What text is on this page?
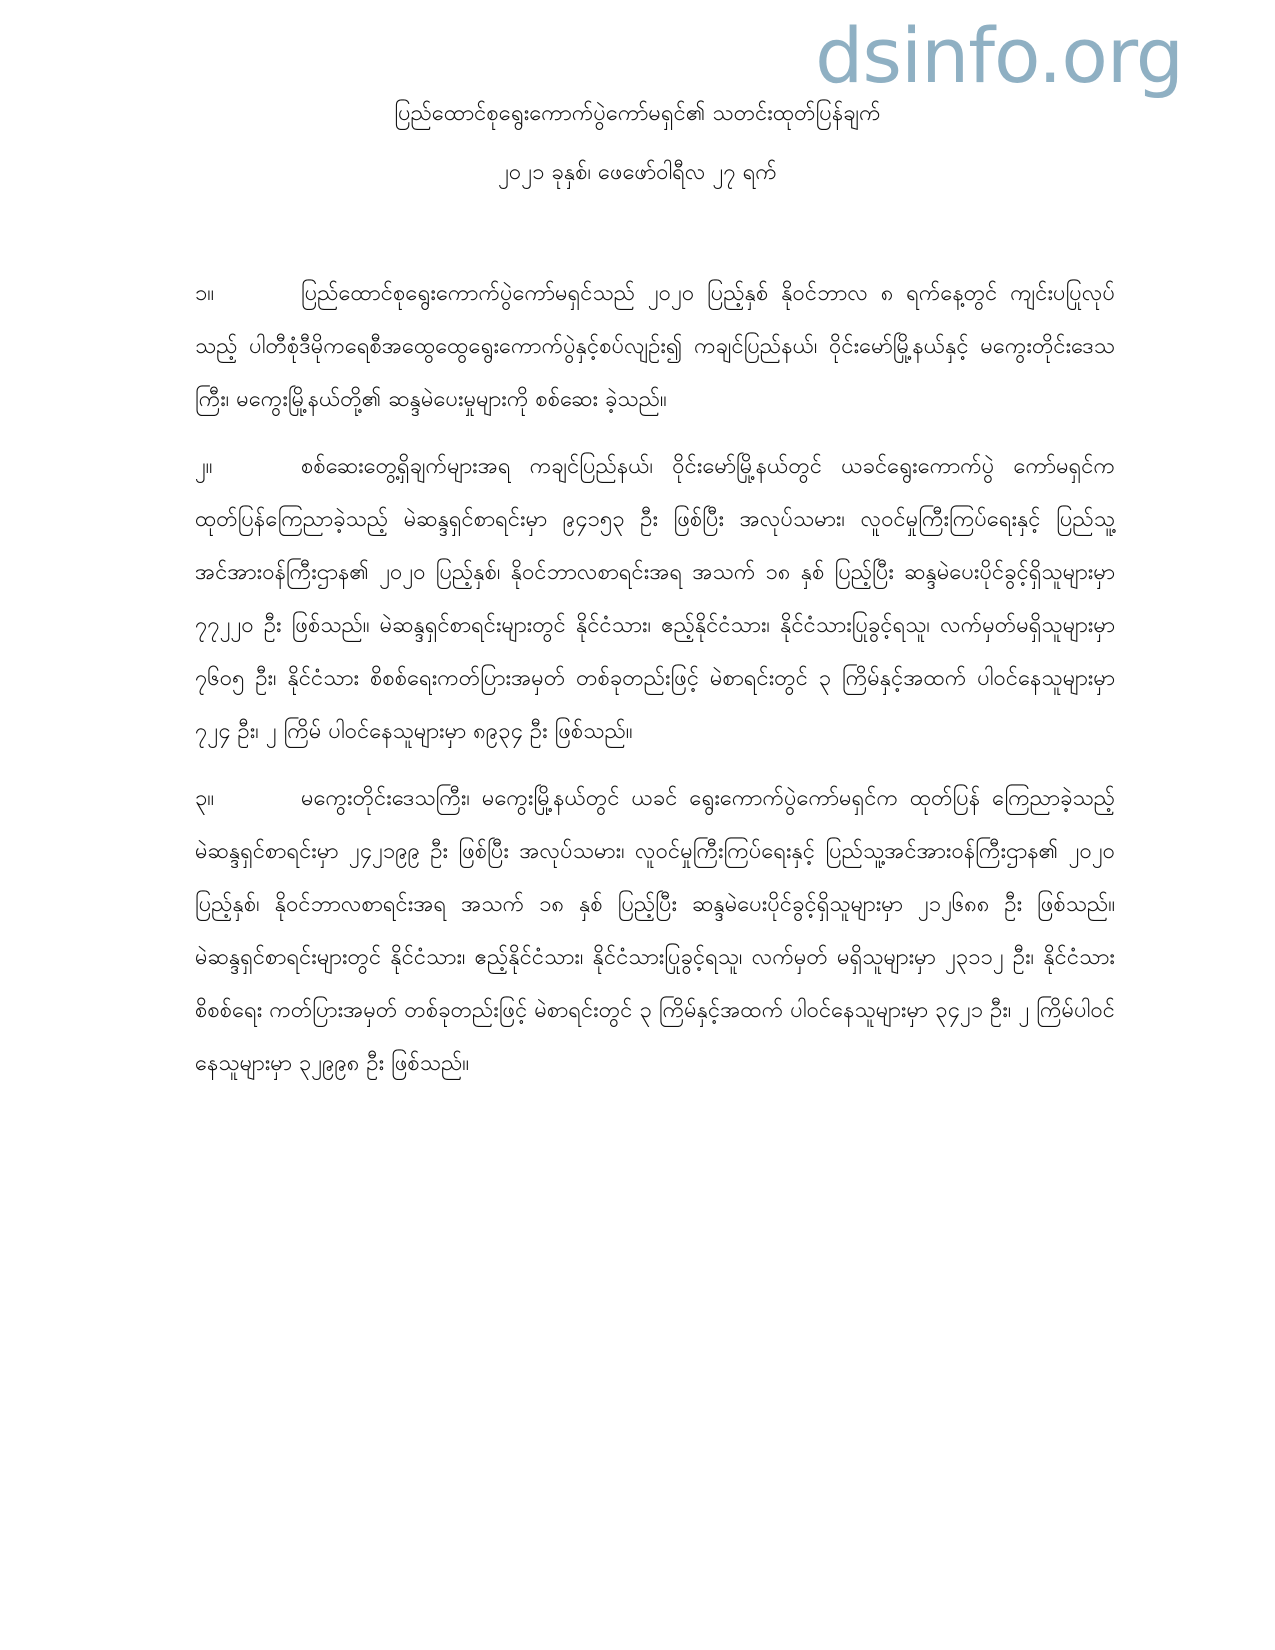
dsinfo.org
ပြည်ထောင်စုရွေးကောက်ပွဲကော်မရှင်၏ သတင်းထုတ်ပြန်ချက်
၂၀၂၁ ခုနှစ်၊ ဖေဖော်ဝါရီလ ၂၇ ရက်

၁။	ပြည်ထောင်စုရွေးကောက်ပွဲကော်မရှင်သည် ၂၀၂၀ ပြည့်နှစ် နိုဝင်ဘာလ ၈ ရက်နေ့တွင် ကျင်းပပြုလုပ်သည့် ပါတီစုံဒီမိုကရေစီအထွေထွေရွေးကောက်ပွဲနှင့်စပ်လျဉ်း၍ ကချင်ပြည်နယ်၊ ဝိုင်းမော်မြို့နယ်နှင့် မကွေးတိုင်းဒေသကြီး၊ မကွေးမြို့နယ်တို့၏ ဆန္ဒမဲပေးမှုများကို စစ်ဆေး ခဲ့သည်။

၂။	စစ်ဆေးတွေ့ရှိချက်များအရ ကချင်ပြည်နယ်၊ ဝိုင်းမော်မြို့နယ်တွင် ယခင်ရွေးကောက်ပွဲ ကော်မရှင်က ထုတ်ပြန်ကြေညာခဲ့သည့် မဲဆန္ဒရှင်စာရင်းမှာ ၉၄၁၅၃ ဦး ဖြစ်ပြီး အလုပ်သမား၊ လူဝင်မှုကြီးကြပ်ရေးနှင့် ပြည်သူ့အင်အားဝန်ကြီးဌာန၏ ၂၀၂၀ ပြည့်နှစ်၊ နိုဝင်ဘာလစာရင်းအရ အသက် ၁၈ နှစ် ပြည့်ပြီး ဆန္ဒမဲပေးပိုင်ခွင့်ရှိသူများမှာ ၇၇၂၂၀ ဦး ဖြစ်သည်။ မဲဆန္ဒရှင်စာရင်းများတွင် နိုင်ငံသား၊ ဧည့်နိုင်ငံသား၊ နိုင်ငံသားပြုခွင့်ရသူ၊ လက်မှတ်မရှိသူများမှာ ၇၆၀၅ ဦး၊ နိုင်ငံသား စိစစ်ရေးကတ်ပြားအမှတ် တစ်ခုတည်းဖြင့် မဲစာရင်းတွင် ၃ ကြိမ်နှင့်အထက် ပါဝင်နေသူများမှာ ၇၂၄ ဦး၊ ၂ ကြိမ် ပါဝင်နေသူများမှာ ၈၉၃၄ ဦး ဖြစ်သည်။

၃။	မကွေးတိုင်းဒေသကြီး၊ မကွေးမြို့နယ်တွင် ယခင် ရွေးကောက်ပွဲကော်မရှင်က ထုတ်ပြန် ကြေညာခဲ့သည့် မဲဆန္ဒရှင်စာရင်းမှာ ၂၄၂၁၉၉ ဦး ဖြစ်ပြီး အလုပ်သမား၊ လူဝင်မှုကြီးကြပ်ရေးနှင့် ပြည်သူ့အင်အားဝန်ကြီးဌာန၏ ၂၀၂၀ ပြည့်နှစ်၊ နိုဝင်ဘာလစာရင်းအရ အသက် ၁၈ နှစ် ပြည့်ပြီး ဆန္ဒမဲပေးပိုင်ခွင့်ရှိသူများမှာ ၂၁၂၆၈၈ ဦး ဖြစ်သည်။ မဲဆန္ဒရှင်စာရင်းများတွင် နိုင်ငံသား၊ ဧည့်နိုင်ငံသား၊ နိုင်ငံသားပြုခွင့်ရသူ၊ လက်မှတ် မရှိသူများမှာ ၂၃၁၁၂ ဦး၊ နိုင်ငံသားစိစစ်ရေး ကတ်ပြားအမှတ် တစ်ခုတည်းဖြင့် မဲစာရင်းတွင် ၃ ကြိမ်နှင့်အထက် ပါဝင်နေသူများမှာ ၃၄၂၁ ဦး၊ ၂ ကြိမ်ပါဝင်နေသူများမှာ ၃၂၉၉၈ ဦး ဖြစ်သည်။
